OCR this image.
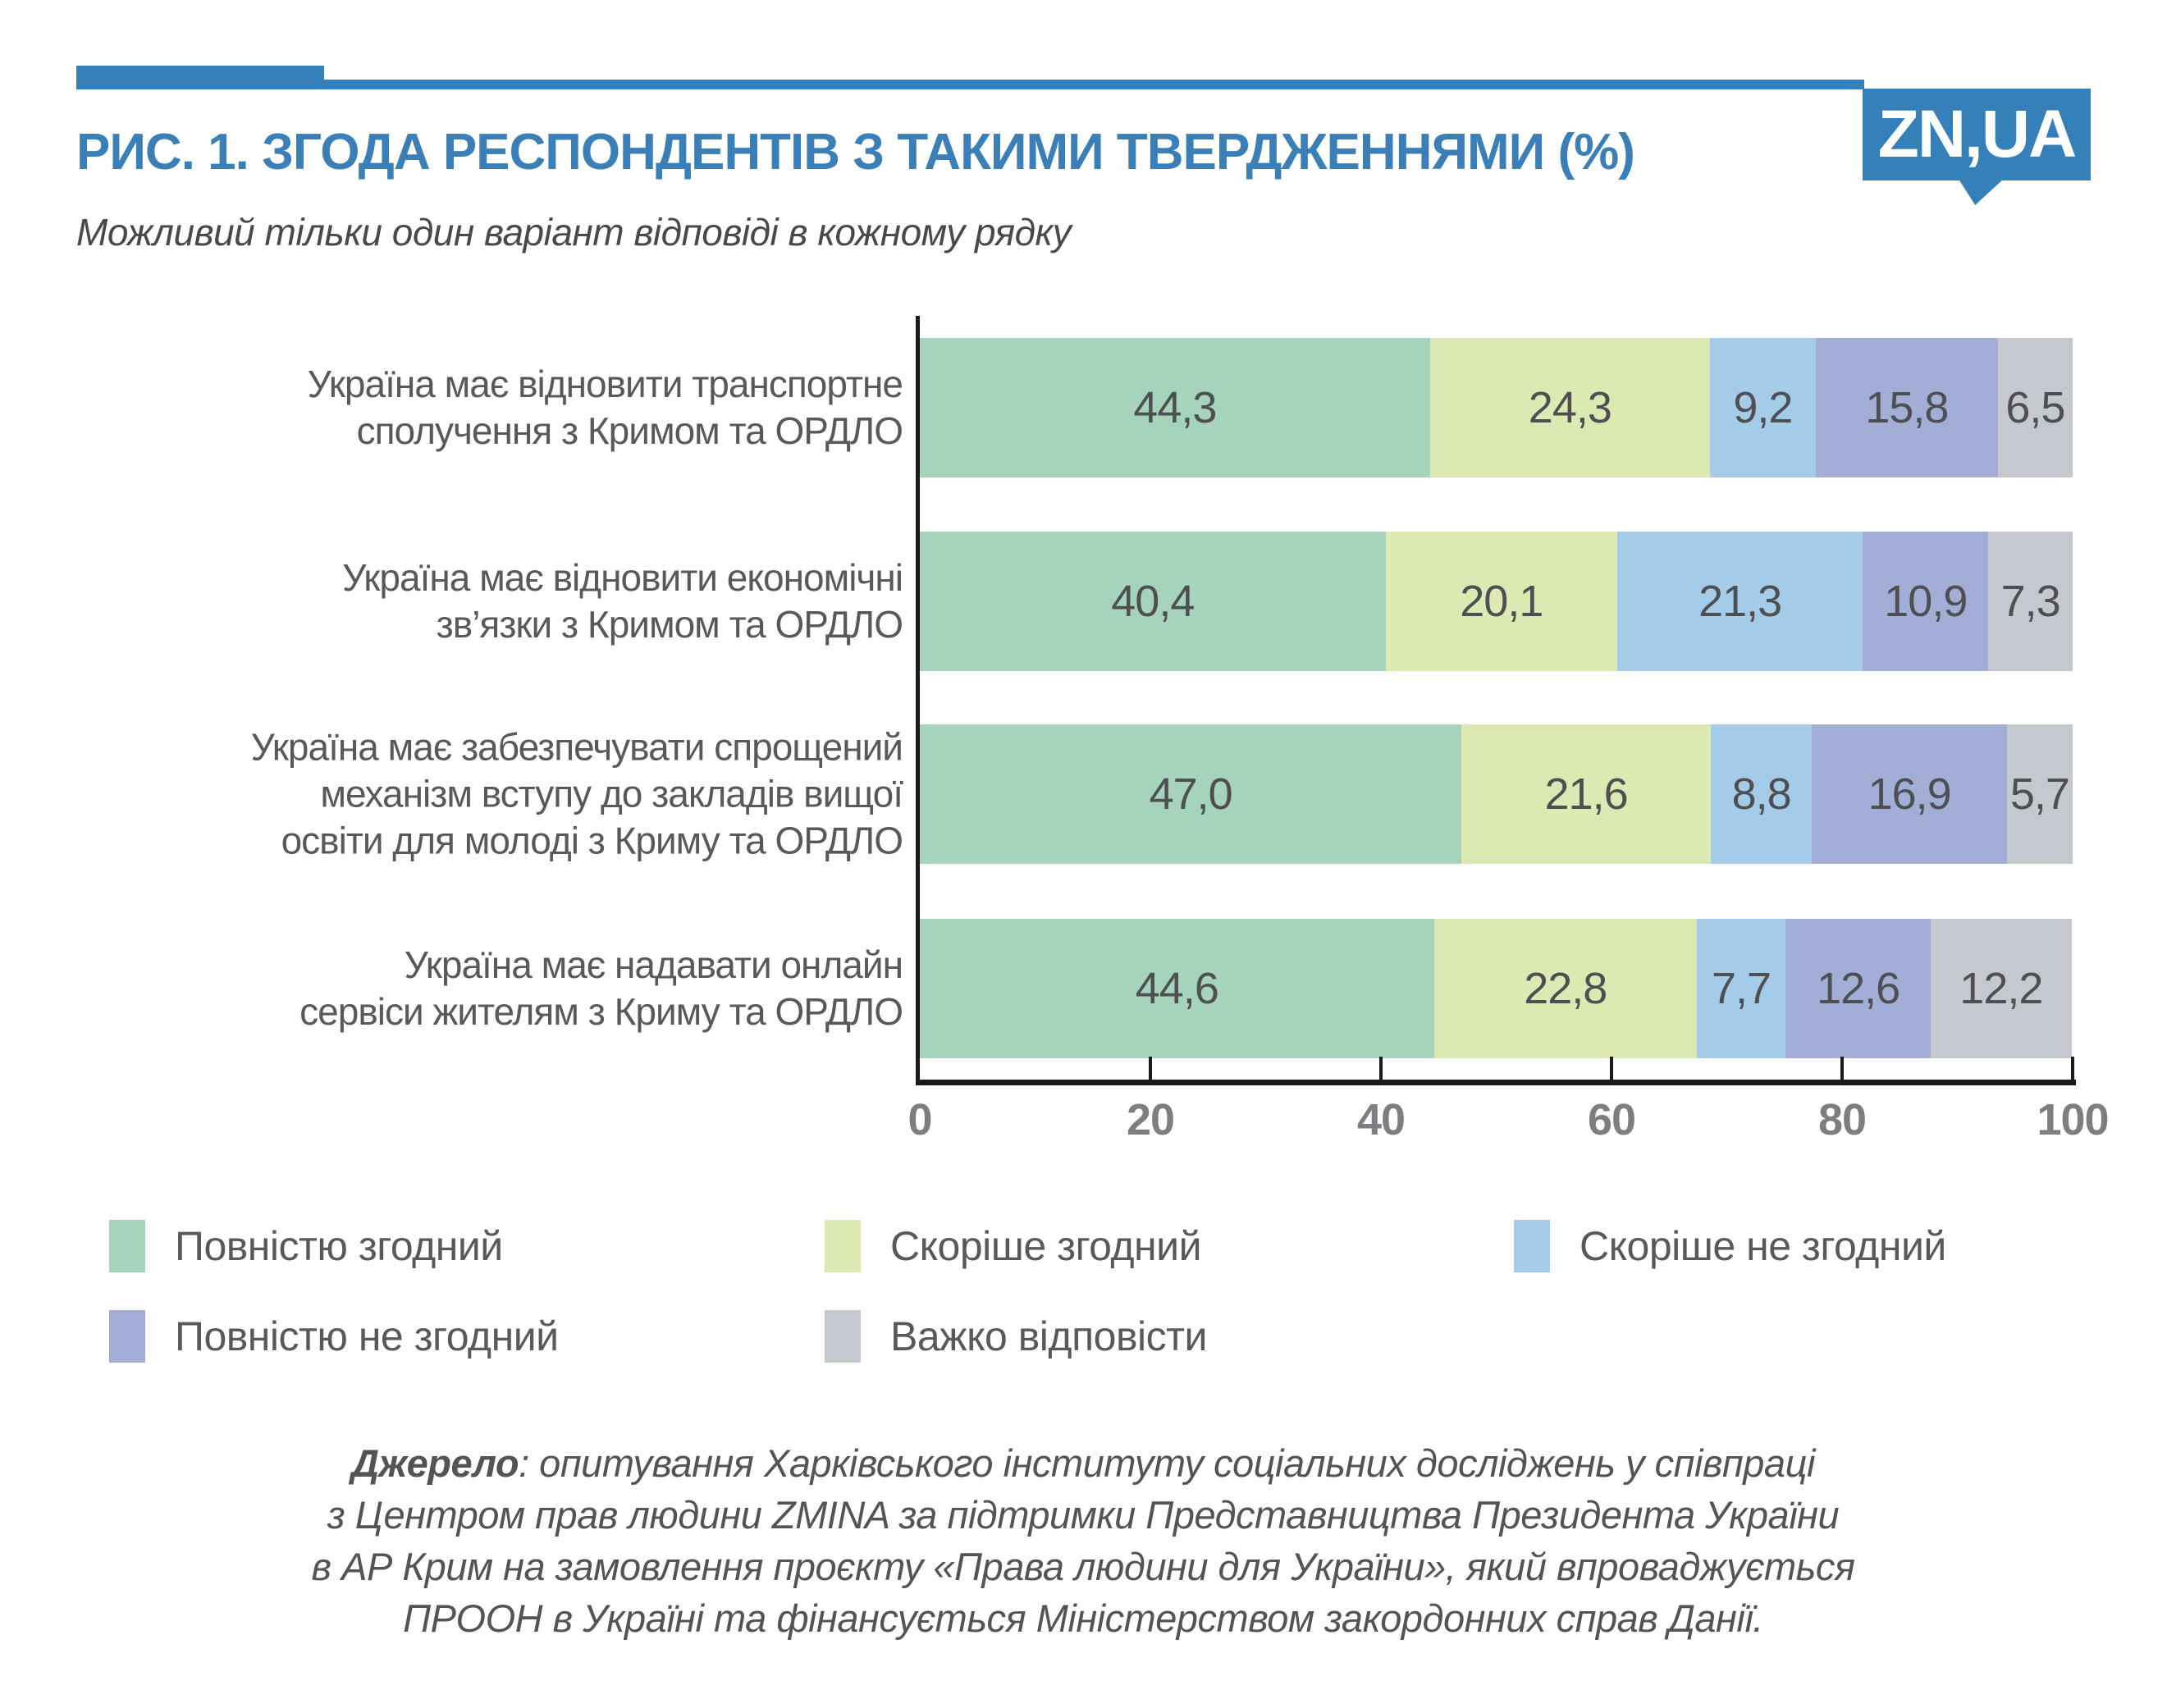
ZN,UA
РИС. 1. ЗГОДА РЕСПОНДЕНТІВ З ТАКИМИ ТВЕРДЖЕННЯМИ (%)
Можливий тільки один варіант відповіді в кожному рядку
Україна має відновити транспортне
сполучення з Кримом та ОРДЛО	44,3	24,3	9,2 15,8 6,5
Україна має відновити економічні
зв’язки з Кримом та ОРДЛО	40,4	20,1	21,3 10,9 7,3
Україна має забезпечувати спрощений
механізм вступу до закладів вищої
освіти для молоді з Криму та ОРДЛО
47,0	21,6 8,8 16,9 5,7
Україна має надавати онлайн
сервіси жителям з Криму та ОРДЛО	44,6	22,8 7,7 12,6 12,2
0	20	40	60	80	100
Повністю згодний	Скоріше згодний	Скоріше не згодний
Повністю не згодний	Важко відповісти
Джерело: опитування Харківського інституту соціальних досліджень у співпраці
з Центром прав людини ZMINA за підтримки Представництва Президента України
в АР Крим на замовлення проєкту «Права людини для України», який впроваджується
ПРООН в Україні та фінансується Міністерством закордонних справ Данії.
